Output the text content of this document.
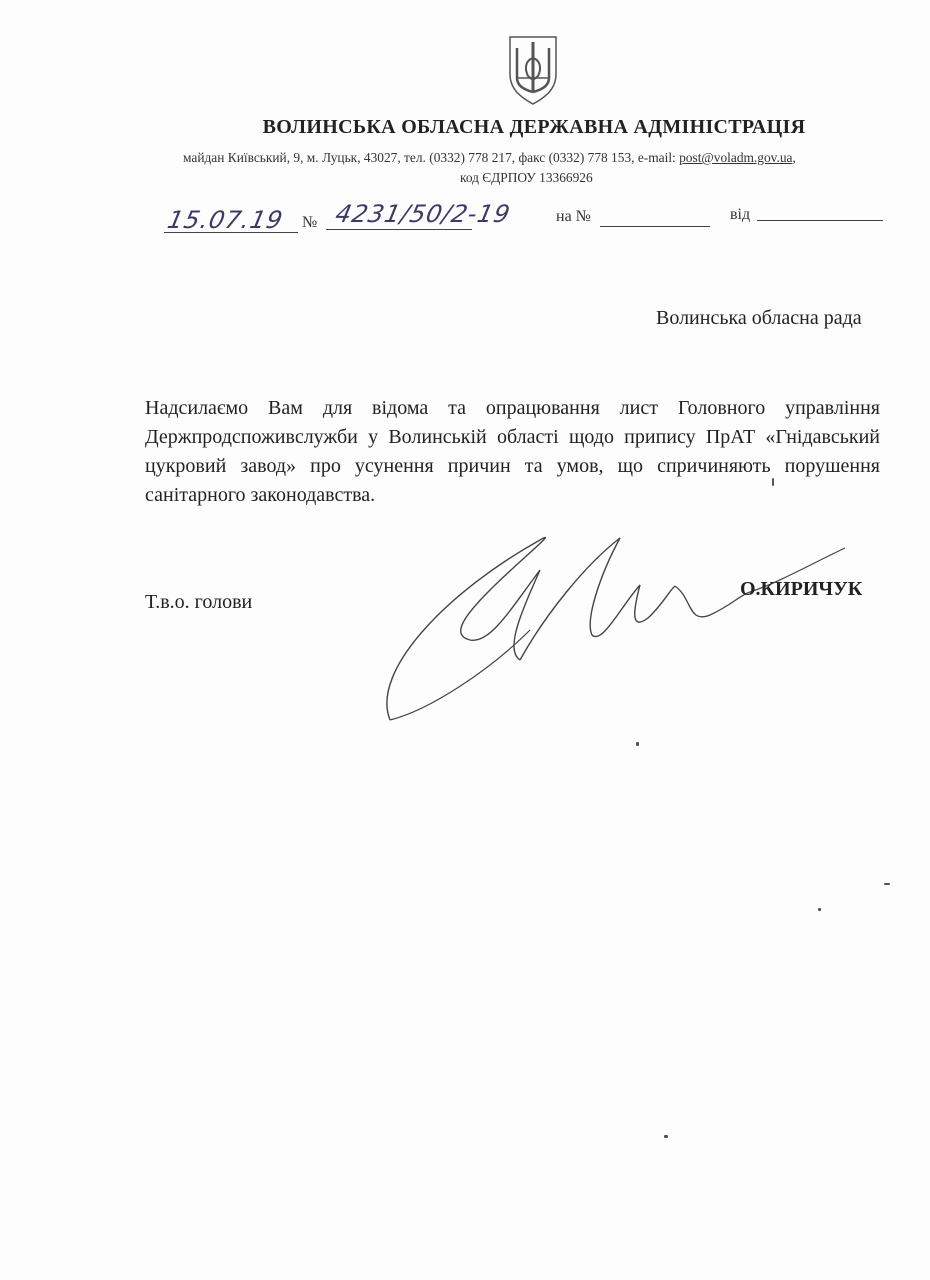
ВОЛИНСЬКА ОБЛАСНА ДЕРЖАВНА АДМІНІСТРАЦІЯ
майдан Київський, 9, м. Луцьк, 43027, тел. (0332) 778 217, факс (0332) 778 153, e-mail: post@voladm.gov.ua,
код ЄДРПОУ 13366926
15.07.19 4231/50/2-19
№	на №	від
Волинська обласна рада
Надсилаємо Вам для відома та опрацювання лист Головного управління Держпродспоживслужби у Волинській області щодо припису ПрАТ «Гнідавський цукровий завод» про усунення причин та умов, що спричиняють порушення санітарного законодавства.
Т.в.о. голови
О.КИРИЧУК
